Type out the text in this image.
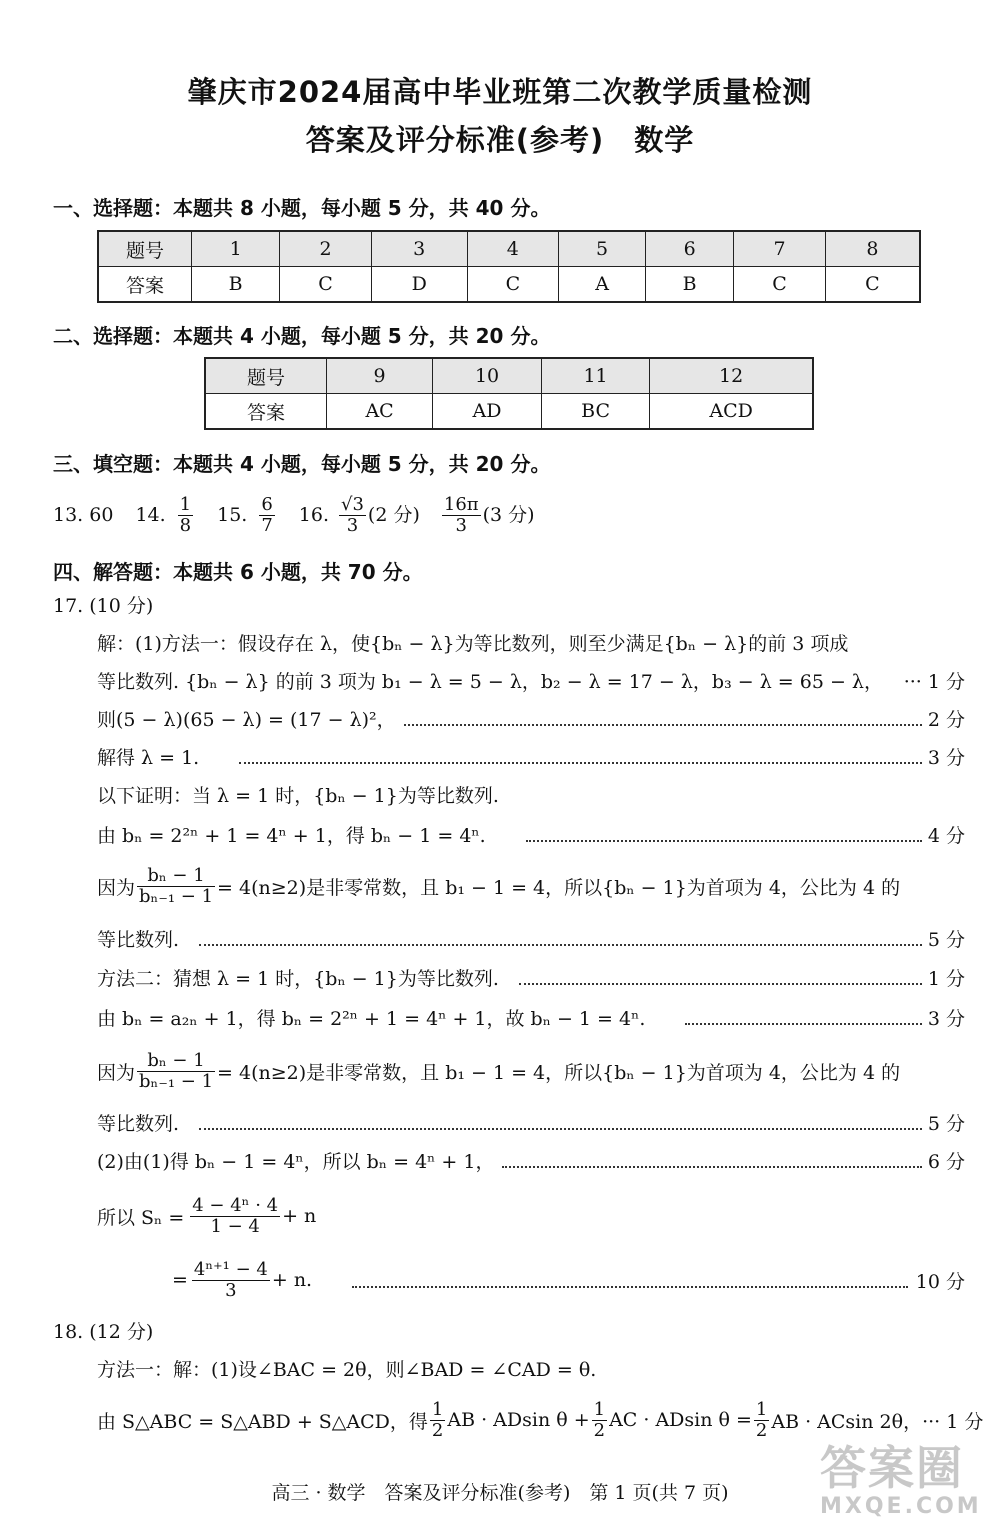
肇庆市2024届高中毕业班第二次教学质量检测
答案及评分标准(参考)　数学
一、选择题：本题共 8 小题，每小题 5 分，共 40 分。
题号	1	2	3	4	5	6	7	8
答案	B	C	D	C	A	B	C	C
二、选择题：本题共 4 小题，每小题 5 分，共 20 分。
题号	9	10	11	12
答案	AC	AD	BC	ACD
三、填空题：本题共 4 小题，每小题 5 分，共 20 分。
13. 60 14. $\frac{1}{8} 15$. $\frac{6}{7} 16$. $\frac{√3}{3} (2$ 分) $\frac{16\pi}{3} (3$ 分)
四、解答题：本题共 6 小题，共 70 分。
17. (10 分)
解：(1)方法一：假设存在 λ，使{bₙ − λ}为等比数列，则至少满足{bₙ − λ}的前 3 项成
等比数列. {bₙ − λ} 的前 3 项为 b₁ − λ = 5 − λ，b₂ − λ = 17 − λ，b₃ − λ = 65 − λ， ··· 1 分
则(5 − λ)(65 − λ) = (17 − λ)²，	2 分
解得 λ = 1.	3 分
以下证明：当 λ = 1 时，{bₙ − 1}为等比数列.
由 bₙ = 2²ⁿ + 1 = 4ⁿ + 1，得 bₙ − 1 = 4ⁿ.	4 分
因为 $\frac{\text{bₙ − 1}}{\text{bₙ₋₁ − 1}} = 4(n\ge 2)$是非零常数，且 b₁ − 1 = 4，所以{bₙ − 1}为首项为 4，公比为 4 的
等比数列.	5 分
方法二：猜想 λ = 1 时，{bₙ − 1}为等比数列.	1 分
由 bₙ = a₂ₙ + 1，得 bₙ = 2²ⁿ + 1 = 4ⁿ + 1，故 bₙ − 1 = 4ⁿ.	3 分
因为 $\frac{\text{bₙ − 1}}{\text{bₙ₋₁ − 1}} = 4(n\ge 2)$是非零常数，且 b₁ − 1 = 4，所以{bₙ − 1}为首项为 4，公比为 4 的
等比数列.	5 分
(2)由(1)得 bₙ − 1 = 4ⁿ，所以 bₙ = 4ⁿ + 1，	6 分
所以 $S_n = \frac{\text{4 − 4ⁿ · 4}}{1 - 4} + n$
= $\frac{\text{4ⁿ⁺¹ − 4}}{3} + n$.	10 分
18. (12 分)
方法一：解：(1)设∠BAC = 2θ，则∠BAD = ∠CAD = θ.
由 S△ABC = S△ABD + S△ACD，得 $\frac{1}{2}$ AB · ADsin $\theta + \frac{1}{2}$ AC · ADsin $\theta = \frac{1}{2}$ AB · ACsin 2θ， ··· 1 分
高三 · 数学　答案及评分标准(参考)　第 1 页(共 7 页)	答案圈
MXQE.COM
